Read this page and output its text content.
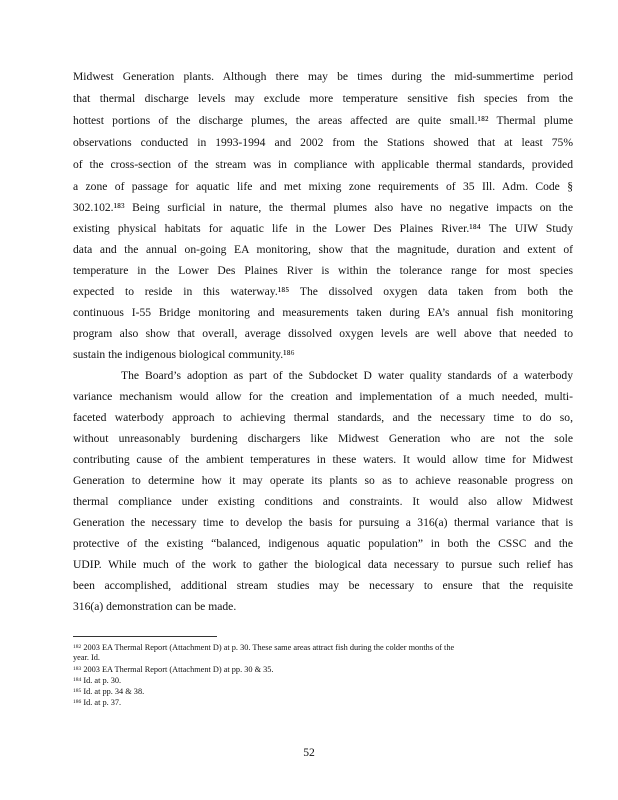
Midwest Generation plants. Although there may be times during the mid-summertime period
that thermal discharge levels may exclude more temperature sensitive fish species from the
hottest portions of the discharge plumes, the areas affected are quite small.¹⁸² Thermal plume
observations conducted in 1993-1994 and 2002 from the Stations showed that at least 75%
of the cross-section of the stream was in compliance with applicable thermal standards, provided
a zone of passage for aquatic life and met mixing zone requirements of 35 Ill. Adm. Code §
302.102.¹⁸³ Being surficial in nature, the thermal plumes also have no negative impacts on the
existing physical habitats for aquatic life in the Lower Des Plaines River.¹⁸⁴ The UIW Study
data and the annual on-going EA monitoring, show that the magnitude, duration and extent of
temperature in the Lower Des Plaines River is within the tolerance range for most species
expected to reside in this waterway.¹⁸⁵ The dissolved oxygen data taken from both the
continuous I-55 Bridge monitoring and measurements taken during EA’s annual fish monitoring
program also show that overall, average dissolved oxygen levels are well above that needed to
sustain the indigenous biological community.¹⁸⁶
The Board’s adoption as part of the Subdocket D water quality standards of a waterbody
variance mechanism would allow for the creation and implementation of a much needed, multi-
faceted waterbody approach to achieving thermal standards, and the necessary time to do so,
without unreasonably burdening dischargers like Midwest Generation who are not the sole
contributing cause of the ambient temperatures in these waters. It would allow time for Midwest
Generation to determine how it may operate its plants so as to achieve reasonable progress on
thermal compliance under existing conditions and constraints. It would also allow Midwest
Generation the necessary time to develop the basis for pursuing a 316(a) thermal variance that is
protective of the existing “balanced, indigenous aquatic population” in both the CSSC and the
UDIP. While much of the work to gather the biological data necessary to pursue such relief has
been accomplished, additional stream studies may be necessary to ensure that the requisite
316(a) demonstration can be made.
$^{182}$ 2003 EA Thermal Report (Attachment D) at p. 30. These same areas attract fish during the colder months of the
year. Id.
$^{183}$ 2003 EA Thermal Report (Attachment D) at pp. 30 & 35.
$^{184}$ Id. at p. 30.
$^{185}$ Id. at pp. 34 & 38.
$^{186}$ Id. at p. 37.
52
